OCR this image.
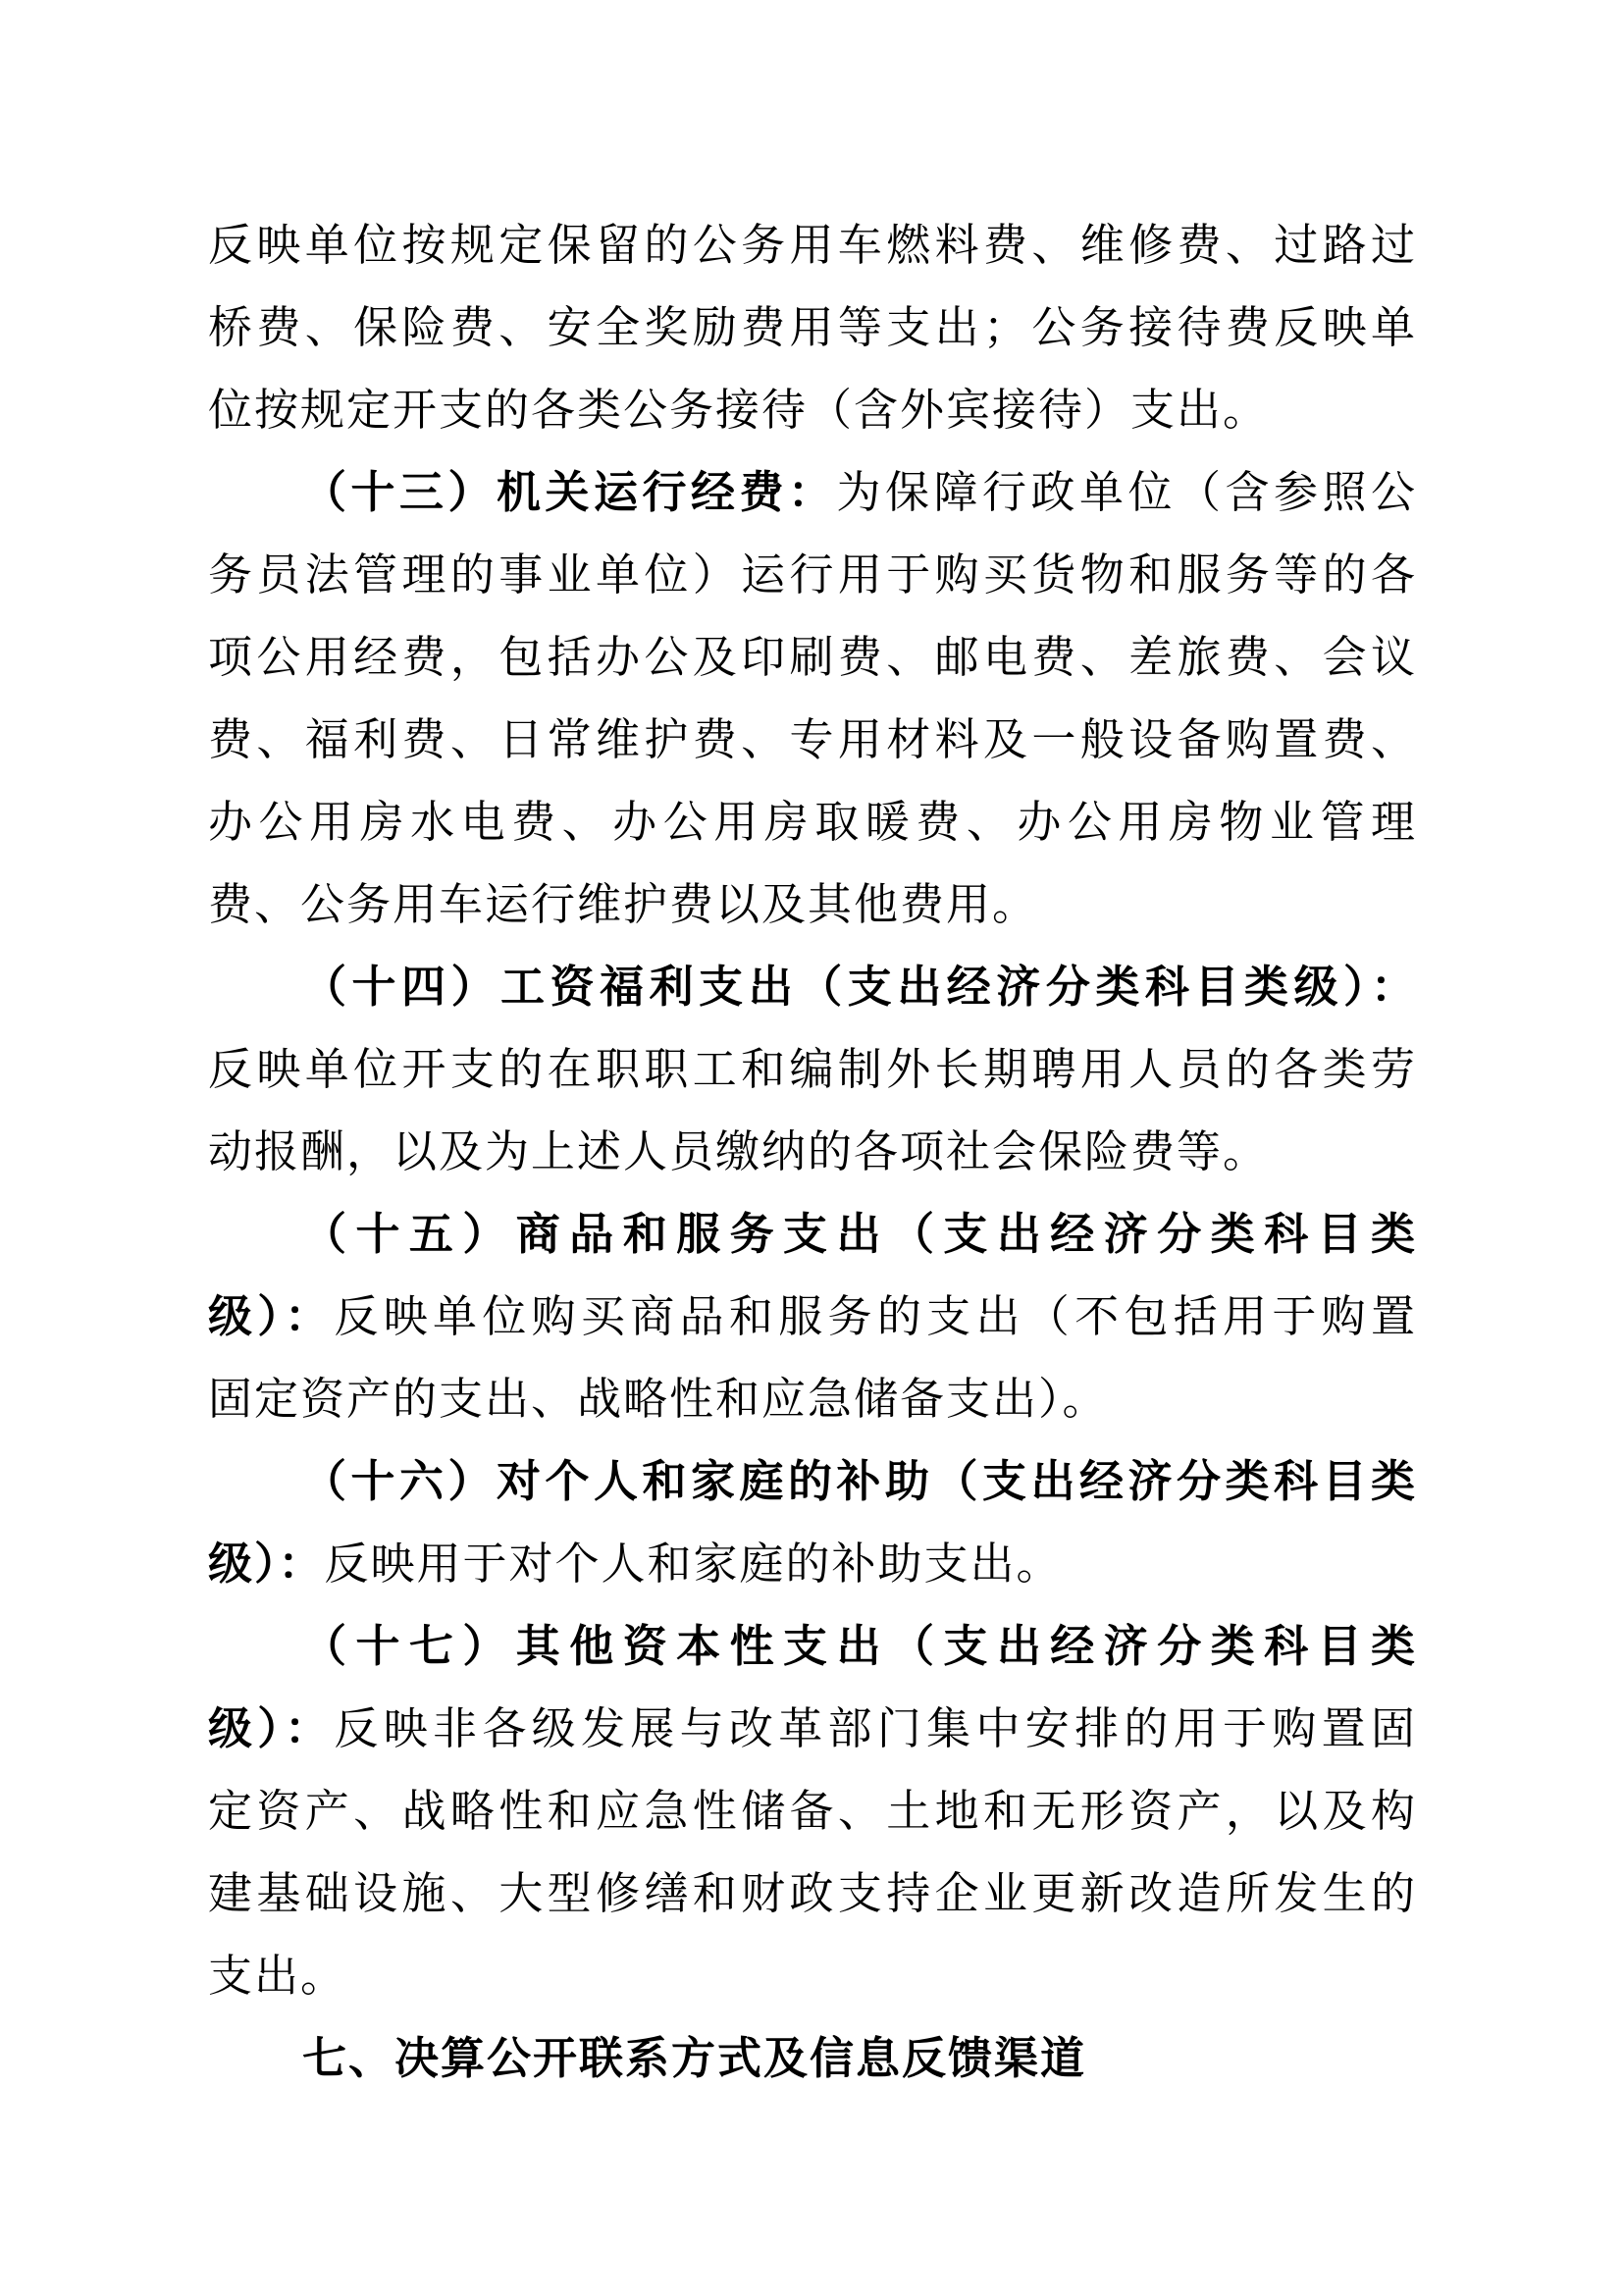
反映单位按规定保留的公务用车燃料费、维修费、过路过
桥费、保险费、安全奖励费用等支出；公务接待费反映单
位按规定开支的各类公务接待（含外宾接待）支出。
（十三）机关运行经费：为保障行政单位（含参照公
务员法管理的事业单位）运行用于购买货物和服务等的各
项公用经费，包括办公及印刷费、邮电费、差旅费、会议
费、福利费、日常维护费、专用材料及一般设备购置费、
办公用房水电费、办公用房取暖费、办公用房物业管理
费、公务用车运行维护费以及其他费用。
（十四）工资福利支出（支出经济分类科目类级）：
反映单位开支的在职职工和编制外长期聘用人员的各类劳
动报酬，以及为上述人员缴纳的各项社会保险费等。
（十五）商品和服务支出（支出经济分类科目类
级）：反映单位购买商品和服务的支出（不包括用于购置
固定资产的支出、战略性和应急储备支出）。
（十六）对个人和家庭的补助（支出经济分类科目类
级）：反映用于对个人和家庭的补助支出。
（十七）其他资本性支出（支出经济分类科目类
级）：反映非各级发展与改革部门集中安排的用于购置固
定资产、战略性和应急性储备、土地和无形资产，以及构
建基础设施、大型修缮和财政支持企业更新改造所发生的
支出。
七、决算公开联系方式及信息反馈渠道
